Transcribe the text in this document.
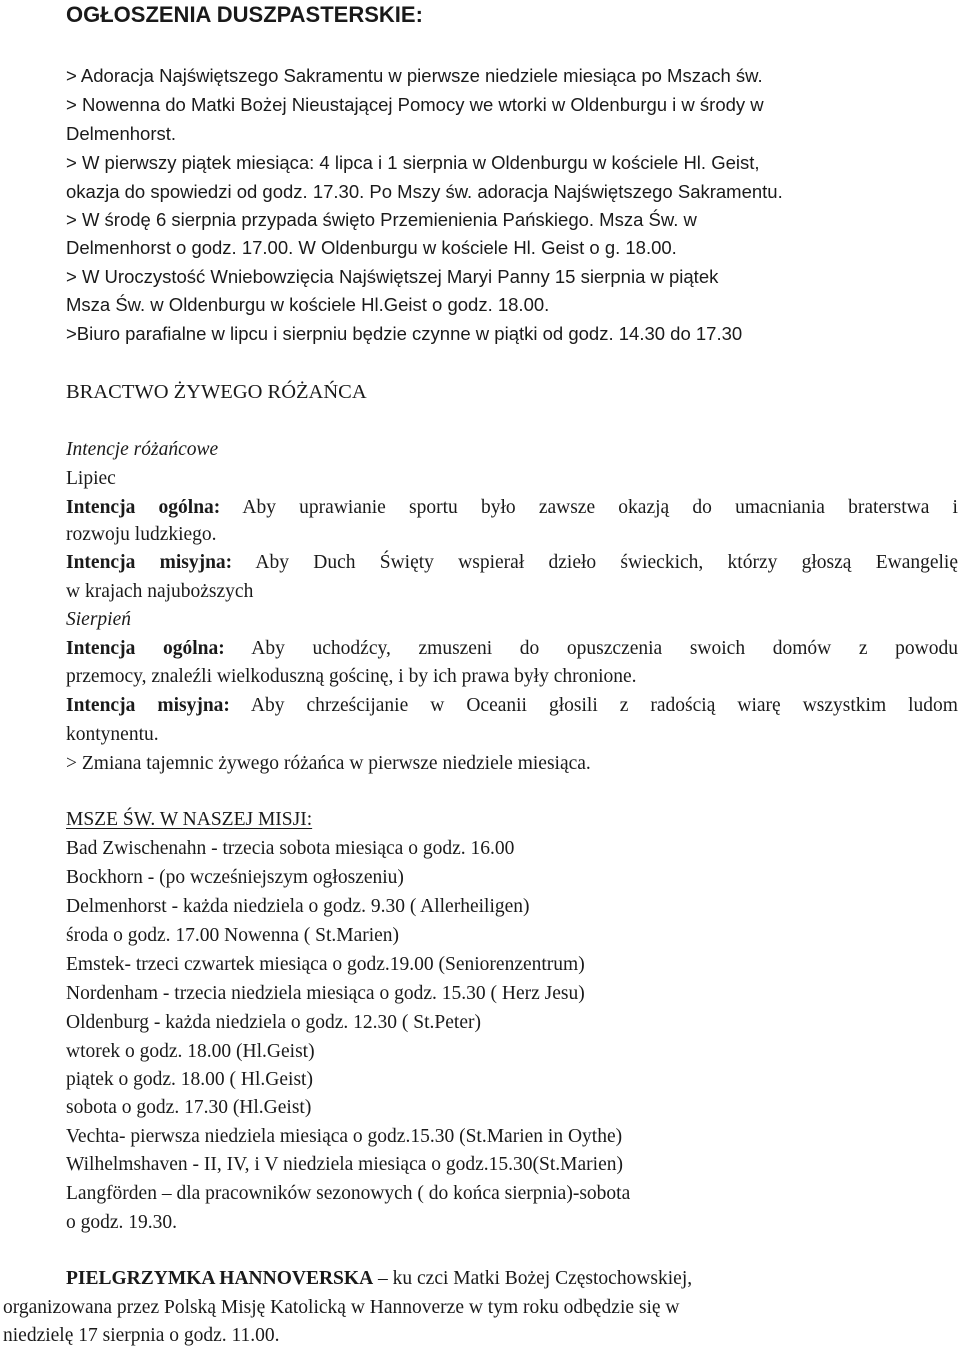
OGŁOSZENIA DUSZPASTERSKIE:
> Adoracja Najświętszego Sakramentu w pierwsze niedziele miesiąca po Mszach św.
> Nowenna do Matki Bożej Nieustającej Pomocy we wtorki w Oldenburgu i w środy w
Delmenhorst.
> W pierwszy piątek miesiąca: 4 lipca i 1 sierpnia w Oldenburgu w kościele Hl. Geist,
okazja do spowiedzi od godz. 17.30. Po Mszy św. adoracja Najświętszego Sakramentu.
> W środę 6 sierpnia przypada święto Przemienienia Pańskiego. Msza Św. w
Delmenhorst o godz. 17.00. W Oldenburgu w kościele Hl. Geist o g. 18.00.
> W Uroczystość Wniebowzięcia Najświętszej Maryi Panny 15 sierpnia w piątek
Msza Św. w Oldenburgu w kościele Hl.Geist o godz. 18.00.
>Biuro parafialne w lipcu i sierpniu będzie czynne w piątki od godz. 14.30 do 17.30
BRACTWO ŻYWEGO RÓŻAŃCA
Intencje różańcowe
Lipiec
Intencja ogólna: Aby uprawianie sportu było zawsze okazją do umacniania braterstwa i
rozwoju ludzkiego.
Intencja misyjna: Aby Duch Święty wspierał dzieło świeckich, którzy głoszą Ewangelię
w krajach najuboższych
Sierpień
Intencja ogólna: Aby uchodźcy, zmuszeni do opuszczenia swoich domów z powodu
przemocy, znaleźli wielkoduszną gościnę, i by ich prawa były chronione.
Intencja misyjna: Aby chrześcijanie w Oceanii głosili z radością wiarę wszystkim ludom
kontynentu.
> Zmiana tajemnic żywego różańca w pierwsze niedziele miesiąca.
MSZE ŚW. W NASZEJ MISJI:
Bad Zwischenahn - trzecia sobota miesiąca o godz. 16.00
Bockhorn - (po wcześniejszym ogłoszeniu)
Delmenhorst - każda niedziela o godz. 9.30 ( Allerheiligen)
środa o godz. 17.00 Nowenna ( St.Marien)
Emstek- trzeci czwartek miesiąca o godz.19.00 (Seniorenzentrum)
Nordenham - trzecia niedziela miesiąca o godz. 15.30 ( Herz Jesu)
Oldenburg - każda niedziela o godz. 12.30 ( St.Peter)
wtorek o godz. 18.00 (Hl.Geist)
piątek o godz. 18.00 ( Hl.Geist)
sobota o godz. 17.30 (Hl.Geist)
Vechta- pierwsza niedziela miesiąca o godz.15.30 (St.Marien in Oythe)
Wilhelmshaven - II, IV, i V niedziela miesiąca o godz.15.30(St.Marien)
Langförden – dla pracowników sezonowych ( do końca sierpnia)-sobota
o godz. 19.30.
PIELGRZYMKA HANNOVERSKA – ku czci Matki Bożej Częstochowskiej,
organizowana przez Polską Misję Katolicką w Hannoverze w tym roku odbędzie się w
niedzielę 17 sierpnia o godz. 11.00.
